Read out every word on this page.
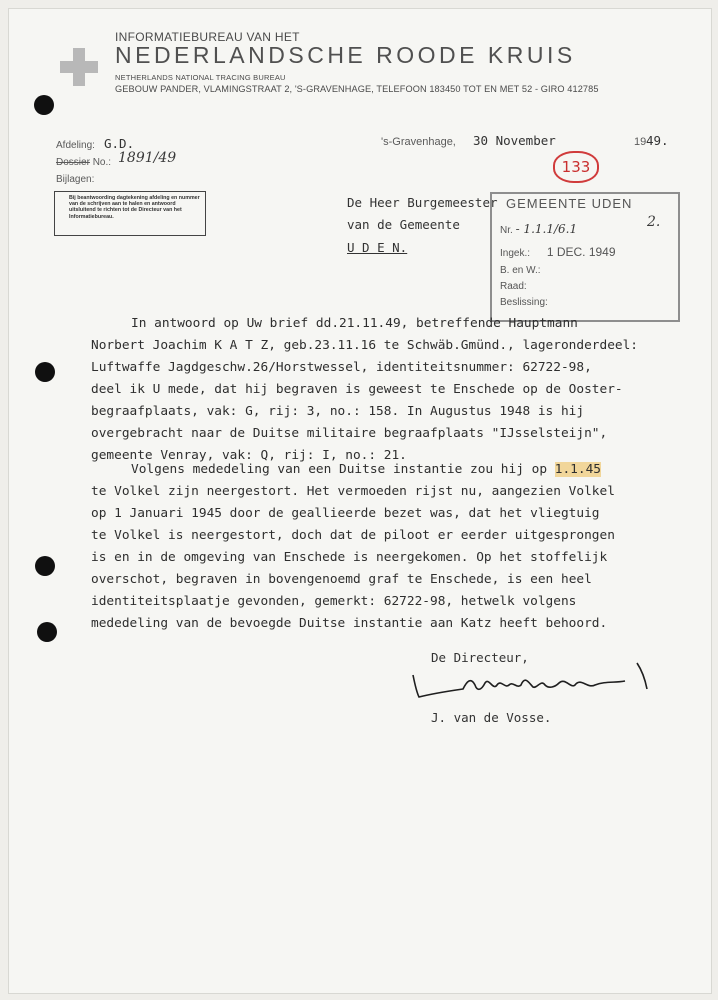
INFORMATIEBUREAU VAN HET
NEDERLANDSCHE ROODE KRUIS
NETHERLANDS NATIONAL TRACING BUREAU
GEBOUW PANDER, VLAMINGSTRAAT 2, 'S-GRAVENHAGE, TELEFOON 183450 TOT EN MET 52 - GIRO 412785
Afdeling: G.D.
Dossier No.: 1891/49
Bijlagen:
Bij beantwoording dagtekening afdeling en nummer van de schrijven aan te halen en antwoord uitsluitend te richten tot de Directeur van het Informatiebureau.
's-Gravenhage, 30 November	19 49.
133
De Heer Burgemeester
van de Gemeente
U D E N.
GEMEENTE UDEN
Nr. - 1.1.1/6.1
Ingek.: 1 DEC. 1949
B. en W.:
Raad:
Beslissing:
2.
In antwoord op Uw brief dd.21.11.49, betreffende Hauptmann
Norbert Joachim K A T Z, geb.23.11.16 te Schwäb.Gmünd., lageronderdeel:
Luftwaffe Jagdgeschw.26/Horstwessel, identiteitsnummer: 62722-98,
deel ik U mede, dat hij begraven is geweest te Enschede op de Ooster-
begraafplaats, vak: G, rij: 3, no.: 158. In Augustus 1948 is hij
overgebracht naar de Duitse militaire begraafplaats "IJsselsteijn",
gemeente Venray, vak: Q, rij: I, no.: 21.
Volgens mededeling van een Duitse instantie zou hij op 1.1.45
te Volkel zijn neergestort. Het vermoeden rijst nu, aangezien Volkel
op 1 Januari 1945 door de geallieerde bezet was, dat het vliegtuig
te Volkel is neergestort, doch dat de piloot er eerder uitgesprongen
is en in de omgeving van Enschede is neergekomen. Op het stoffelijk
overschot, begraven in bovengenoemd graf te Enschede, is een heel
identiteitsplaatje gevonden, gemerkt: 62722-98, hetwelk volgens
mededeling van de bevoegde Duitse instantie aan Katz heeft behoord.
De Directeur,
J. van de Vosse.
